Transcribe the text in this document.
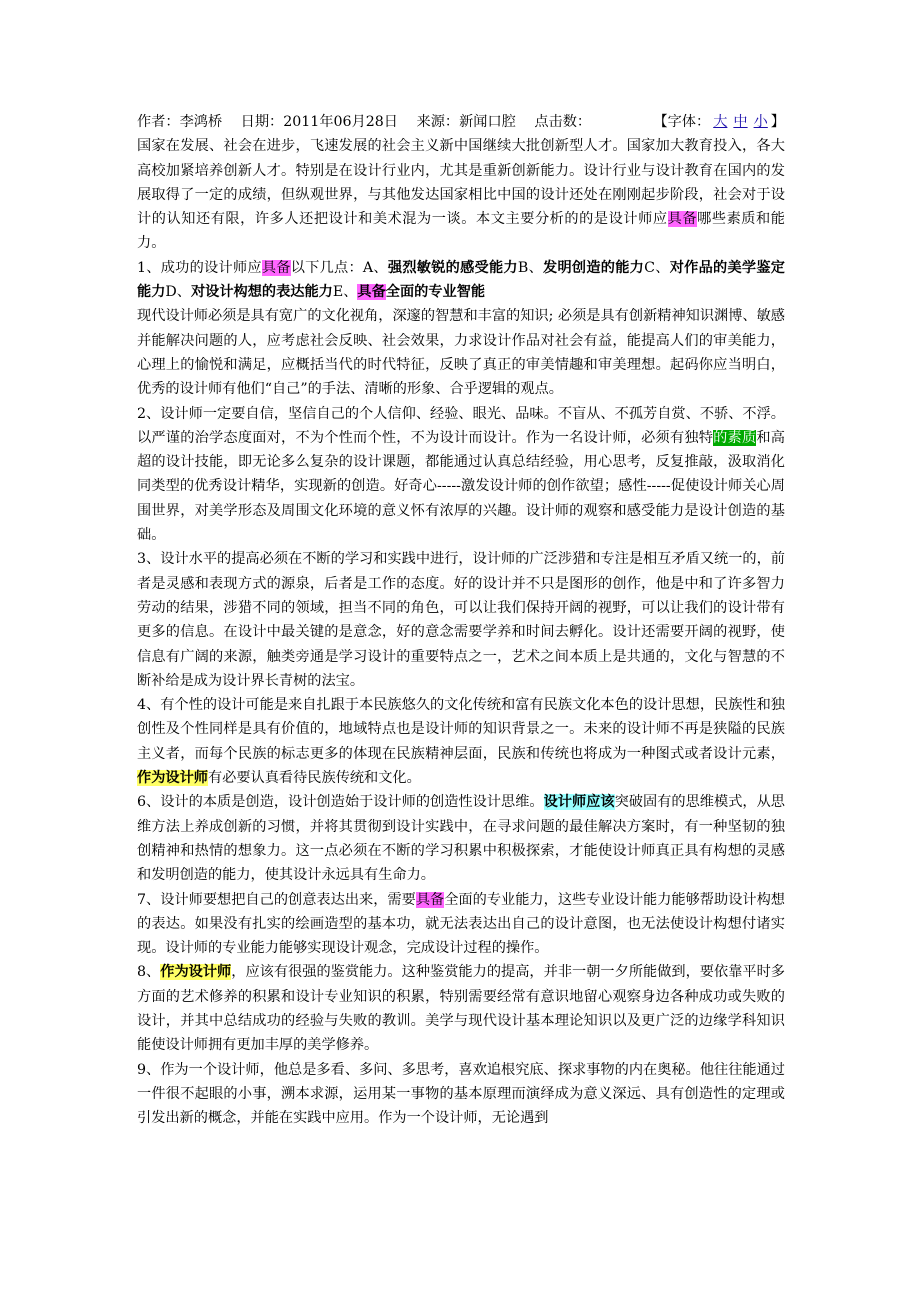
作者：李鸿桥 日期：2011年06月28日 来源：新闻口腔 点击数：	【字体： 大 中 小 】

国家在发展、社会在进步，飞速发展的社会主义新中国继续大批创新型人才。国家加大教育投入，各大高校加紧培养创新人才。特别是在设计行业内，尤其是重新创新能力。设计行业与设计教育在国内的发展取得了一定的成绩，但纵观世界，与其他发达国家相比中国的设计还处在刚刚起步阶段，社会对于设计的认知还有限，许多人还把设计和美术混为一谈。本文主要分析的的是设计师应具备哪些素质和能力。

1、成功的设计师应具备以下几点：A、强烈敏锐的感受能力B、发明创造的能力C、对作品的美学鉴定能力D、对设计构想的表达能力E、具备全面的专业智能

现代设计师必须是具有宽广的文化视角，深邃的智慧和丰富的知识; 必须是具有创新精神知识渊博、敏感并能解决问题的人，应考虑社会反映、社会效果，力求设计作品对社会有益，能提高人们的审美能力，心理上的愉悦和满足，应概括当代的时代特征，反映了真正的审美情趣和审美理想。起码你应当明白，优秀的设计师有他们“自己”的手法、清晰的形象、合乎逻辑的观点。

2、设计师一定要自信，坚信自己的个人信仰、经验、眼光、品味。不盲从、不孤芳自赏、不骄、不浮。以严谨的治学态度面对，不为个性而个性，不为设计而设计。作为一名设计师，必须有独特的素质和高超的设计技能，即无论多么复杂的设计课题，都能通过认真总结经验，用心思考，反复推敲，汲取消化同类型的优秀设计精华，实现新的创造。好奇心-----激发设计师的创作欲望；感性-----促使设计师关心周围世界，对美学形态及周围文化环境的意义怀有浓厚的兴趣。设计师的观察和感受能力是设计创造的基础。

3、设计水平的提高必须在不断的学习和实践中进行，设计师的广泛涉猎和专注是相互矛盾又统一的，前者是灵感和表现方式的源泉，后者是工作的态度。好的设计并不只是图形的创作，他是中和了许多智力劳动的结果，涉猎不同的领域，担当不同的角色，可以让我们保持开阔的视野，可以让我们的设计带有更多的信息。在设计中最关键的是意念，好的意念需要学养和时间去孵化。设计还需要开阔的视野，使信息有广阔的来源，触类旁通是学习设计的重要特点之一，艺术之间本质上是共通的，文化与智慧的不断补给是成为设计界长青树的法宝。

4、有个性的设计可能是来自扎跟于本民族悠久的文化传统和富有民族文化本色的设计思想，民族性和独创性及个性同样是具有价值的，地域特点也是设计师的知识背景之一。未来的设计师不再是狭隘的民族主义者，而每个民族的标志更多的体现在民族精神层面，民族和传统也将成为一种图式或者设计元素，作为设计师有必要认真看待民族传统和文化。

6、设计的本质是创造，设计创造始于设计师的创造性设计思维。设计师应该突破固有的思维模式，从思维方法上养成创新的习惯，并将其贯彻到设计实践中，在寻求问题的最佳解决方案时，有一种坚韧的独创精神和热情的想象力。这一点必须在不断的学习积累中积极探索，才能使设计师真正具有构想的灵感和发明创造的能力，使其设计永远具有生命力。

7、设计师要想把自己的创意表达出来，需要具备全面的专业能力，这些专业设计能力能够帮助设计构想的表达。如果没有扎实的绘画造型的基本功，就无法表达出自己的设计意图，也无法使设计构想付诸实现。设计师的专业能力能够实现设计观念，完成设计过程的操作。

8、作为设计师，应该有很强的鉴赏能力。这种鉴赏能力的提高，并非一朝一夕所能做到，要依靠平时多方面的艺术修养的积累和设计专业知识的积累，特别需要经常有意识地留心观察身边各种成功或失败的设计，并其中总结成功的经验与失败的教训。美学与现代设计基本理论知识以及更广泛的边缘学科知识能使设计师拥有更加丰厚的美学修养。

9、作为一个设计师，他总是多看、多问、多思考，喜欢追根究底、探求事物的内在奥秘。他往往能通过一件很不起眼的小事，溯本求源，运用某一事物的基本原理而演绎成为意义深远、具有创造性的定理或引发出新的概念，并能在实践中应用。作为一个设计师，无论遇到
